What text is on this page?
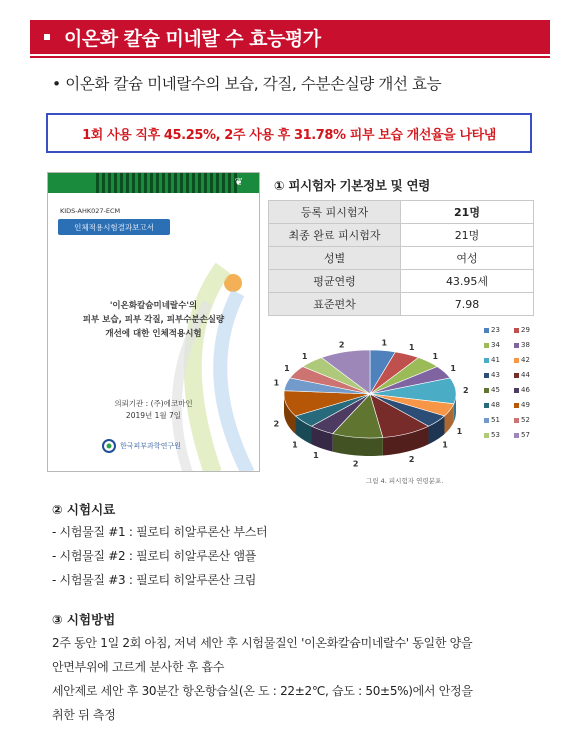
이온화 칼슘 미네랄 수 효능평가
• 이온화 칼슘 미네랄수의 보습, 각질, 수분손실량 개선 효능
1회 사용 직후 45.25%, 2주 사용 후 31.78% 피부 보습 개선율을 나타냄
❦
KIDS-AHK027-ECM
인체적용시험결과보고서
'이온화칼슘미네랄수'의
피부 보습, 피부 각질, 피부수분손실량
개선에 대한 인체적용시험
의뢰기관 : (주)에코마인
2019년 1월 7일
한국피부과학연구원
① 피시험자 기본정보 및 연령
등록 피시험자	21명
최종 완료 피시험자	21명
성별	여성
평균연령	43.95세
표준편차	7.98
1
1
1
1
2
1
1
2
2
1
1
2
1
1
1
2
23	29
34	38
41	42
43	44
45	46
48	49
51	52
53	57
그림 4. 피시험자 연령분포.
② 시험시료
- 시험물질 #1 : 필로티 히알루론산 부스터
- 시험물질 #2 : 필로티 히알루론산 앰플
- 시험물질 #3 : 필로티 히알루론산 크림
③ 시험방법
2주 동안 1일 2회 아침, 저녁 세안 후 시험물질인 '이온화칼슘미네랄수' 동일한 양을
안면부위에 고르게 분사한 후 흡수
세안제로 세안 후 30분간 항온항습실(온 도 : 22±2℃, 습도 : 50±5%)에서 안정을
취한 뒤 측정
